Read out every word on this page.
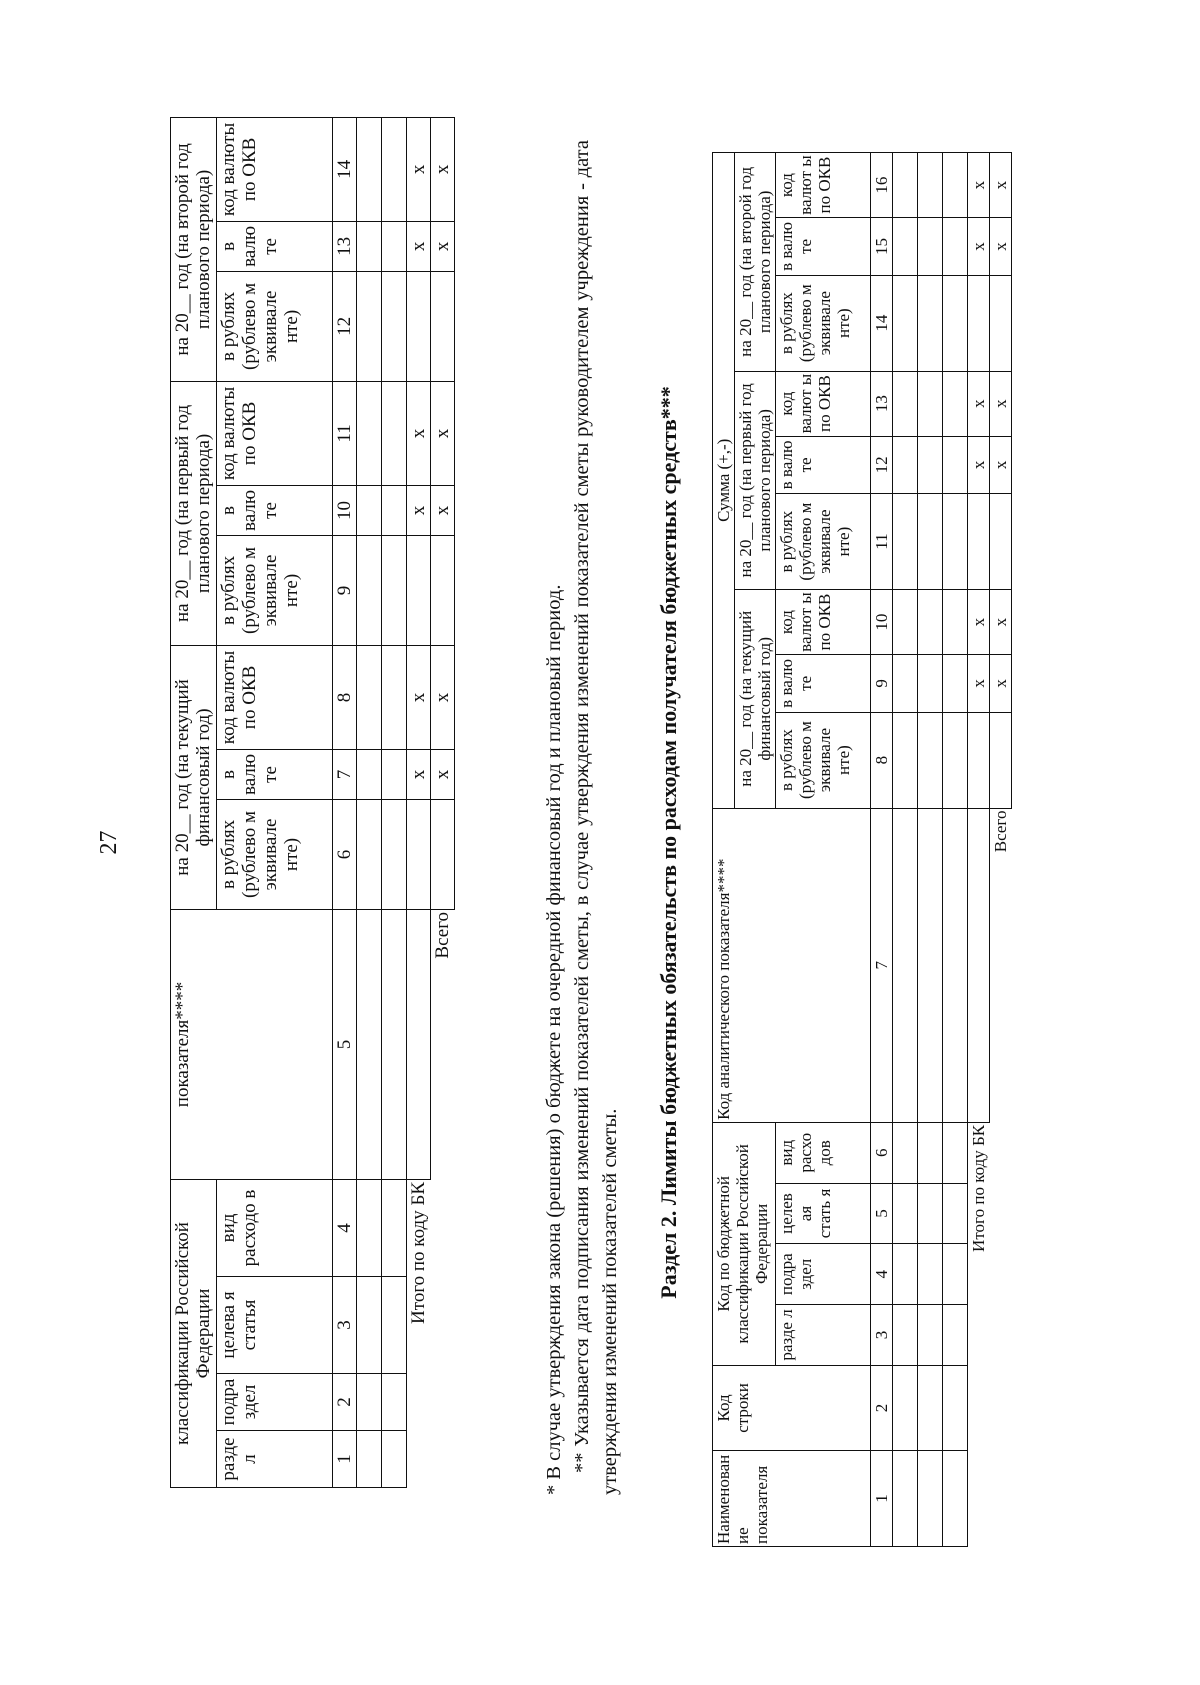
27
классификации Российской Федерации				показателя****	на 20__ год (на текущий финансовый год)			на 20__ год (на первый год планового периода)			на 20__ год (на второй год планового периода)		
разде л	подра здел	целева я статья	вид расходо в		в рублях (рублево м эквивале нте)	в валю те	код валюты по ОКВ	в рублях (рублево м эквивале нте)	в валю те	код валюты по ОКВ	в рублях (рублево м эквивале нте)	в валю те	код валюты по ОКВ
1	2	3	4	5	6	7	8	9	10	11	12	13	14

Итого по коду БК						x	x		x	x		x	x
				Всего		x	x		x	x		x	x
* В случае утверждения закона (решения) о бюджете на очередной финансовый год и плановый период. ** Указывается дата подписания изменений показателей сметы, в случае утверждения изменений показателей сметы руководителем учреждения - дата утверждения изменений показателей сметы.
Раздел 2. Лимиты бюджетных обязательств по расходам получателя бюджетных средств***
Наименован ие показателя	Код строки	Код по бюджетной классификации Российской Федерации				Код аналитического показателя****	Сумма (+,-)								
							на 20__ год (на текущий финансовый год)			на 20__ год (на первый год планового периода)			на 20__ год (на второй год планового периода)		
		разде л	подра здел	целев ая стать я	вид расхо дов		в рублях (рублево м эквивале нте)	в валю те	код валют ы по ОКВ	в рублях (рублево м эквивале нте)	в валю те	код валют ы по ОКВ	в рублях (рублево м эквивале нте)	в валю те	код валют ы по ОКВ
1	2	3	4	5	6	7	8	9	10	11	12	13	14	15	16

Итого по коду БК								x	x		x	x		x	x
						Всего		x	x		x	x		x	x
